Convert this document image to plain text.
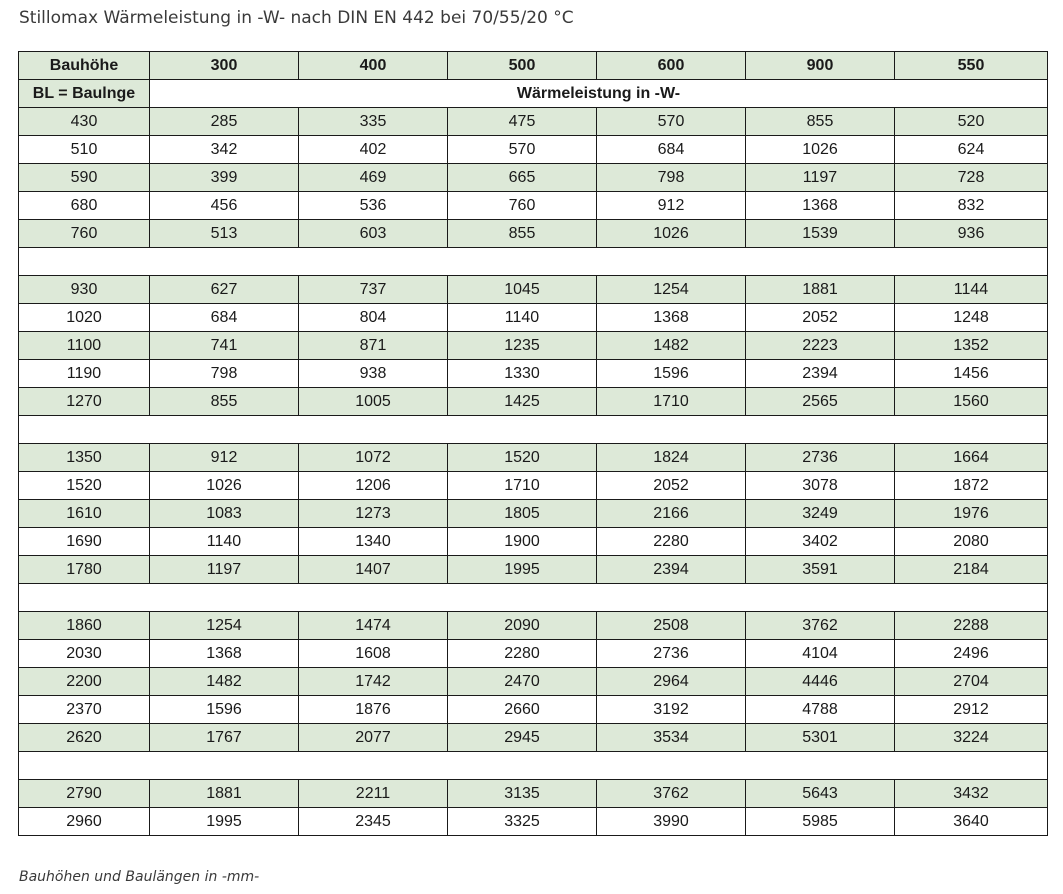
Stillomax Wärmeleistung in -W- nach DIN EN 442 bei 70/55/20 °C
Bauhöhe	300	400	500	600	900	550
BL = Baulnge	Wärmeleistung in -W-					
430	285	335	475	570	855	520
510	342	402	570	684	1026	624
590	399	469	665	798	1197	728
680	456	536	760	912	1368	832
760	513	603	855	1026	1539	936

930	627	737	1045	1254	1881	1144
1020	684	804	1140	1368	2052	1248
1100	741	871	1235	1482	2223	1352
1190	798	938	1330	1596	2394	1456
1270	855	1005	1425	1710	2565	1560

1350	912	1072	1520	1824	2736	1664
1520	1026	1206	1710	2052	3078	1872
1610	1083	1273	1805	2166	3249	1976
1690	1140	1340	1900	2280	3402	2080
1780	1197	1407	1995	2394	3591	2184

1860	1254	1474	2090	2508	3762	2288
2030	1368	1608	2280	2736	4104	2496
2200	1482	1742	2470	2964	4446	2704
2370	1596	1876	2660	3192	4788	2912
2620	1767	2077	2945	3534	5301	3224

2790	1881	2211	3135	3762	5643	3432
2960	1995	2345	3325	3990	5985	3640
Bauhöhen und Baulängen in -mm-
